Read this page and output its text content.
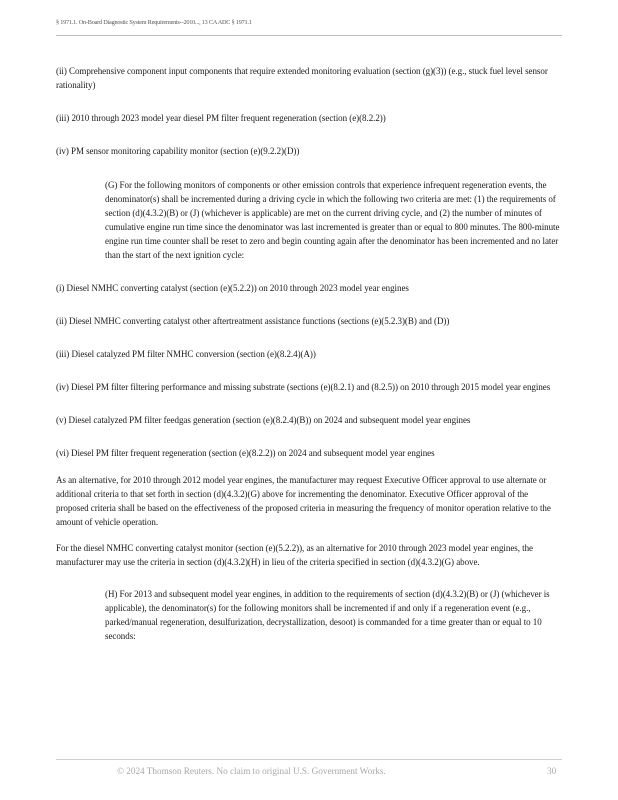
§ 1971.1. On-Board Diagnostic System Requirements--2010..., 13 CA ADC § 1971.1

(ii) Comprehensive component input components that require extended monitoring evaluation (section (g)(3)) (e.g., stuck fuel level sensor rationality)

(iii) 2010 through 2023 model year diesel PM filter frequent regeneration (section (e)(8.2.2))

(iv) PM sensor monitoring capability monitor (section (e)(9.2.2)(D))

(G) For the following monitors of components or other emission controls that experience infrequent regeneration events, the denominator(s) shall be incremented during a driving cycle in which the following two criteria are met: (1) the requirements of section (d)(4.3.2)(B) or (J) (whichever is applicable) are met on the current driving cycle, and (2) the number of minutes of cumulative engine run time since the denominator was last incremented is greater than or equal to 800 minutes. The 800-minute engine run time counter shall be reset to zero and begin counting again after the denominator has been incremented and no later than the start of the next ignition cycle:

(i) Diesel NMHC converting catalyst (section (e)(5.2.2)) on 2010 through 2023 model year engines

(ii) Diesel NMHC converting catalyst other aftertreatment assistance functions (sections (e)(5.2.3)(B) and (D))

(iii) Diesel catalyzed PM filter NMHC conversion (section (e)(8.2.4)(A))

(iv) Diesel PM filter filtering performance and missing substrate (sections (e)(8.2.1) and (8.2.5)) on 2010 through 2015 model year engines

(v) Diesel catalyzed PM filter feedgas generation (section (e)(8.2.4)(B)) on 2024 and subsequent model year engines

(vi) Diesel PM filter frequent regeneration (section (e)(8.2.2)) on 2024 and subsequent model year engines

As an alternative, for 2010 through 2012 model year engines, the manufacturer may request Executive Officer approval to use alternate or additional criteria to that set forth in section (d)(4.3.2)(G) above for incrementing the denominator. Executive Officer approval of the proposed criteria shall be based on the effectiveness of the proposed criteria in measuring the frequency of monitor operation relative to the amount of vehicle operation.

For the diesel NMHC converting catalyst monitor (section (e)(5.2.2)), as an alternative for 2010 through 2023 model year engines, the manufacturer may use the criteria in section (d)(4.3.2)(H) in lieu of the criteria specified in section (d)(4.3.2)(G) above.

(H) For 2013 and subsequent model year engines, in addition to the requirements of section (d)(4.3.2)(B) or (J) (whichever is applicable), the denominator(s) for the following monitors shall be incremented if and only if a regeneration event (e.g., parked/manual regeneration, desulfurization, decrystallization, desoot) is commanded for a time greater than or equal to 10 seconds:

© 2024 Thomson Reuters. No claim to original U.S. Government Works.	30
